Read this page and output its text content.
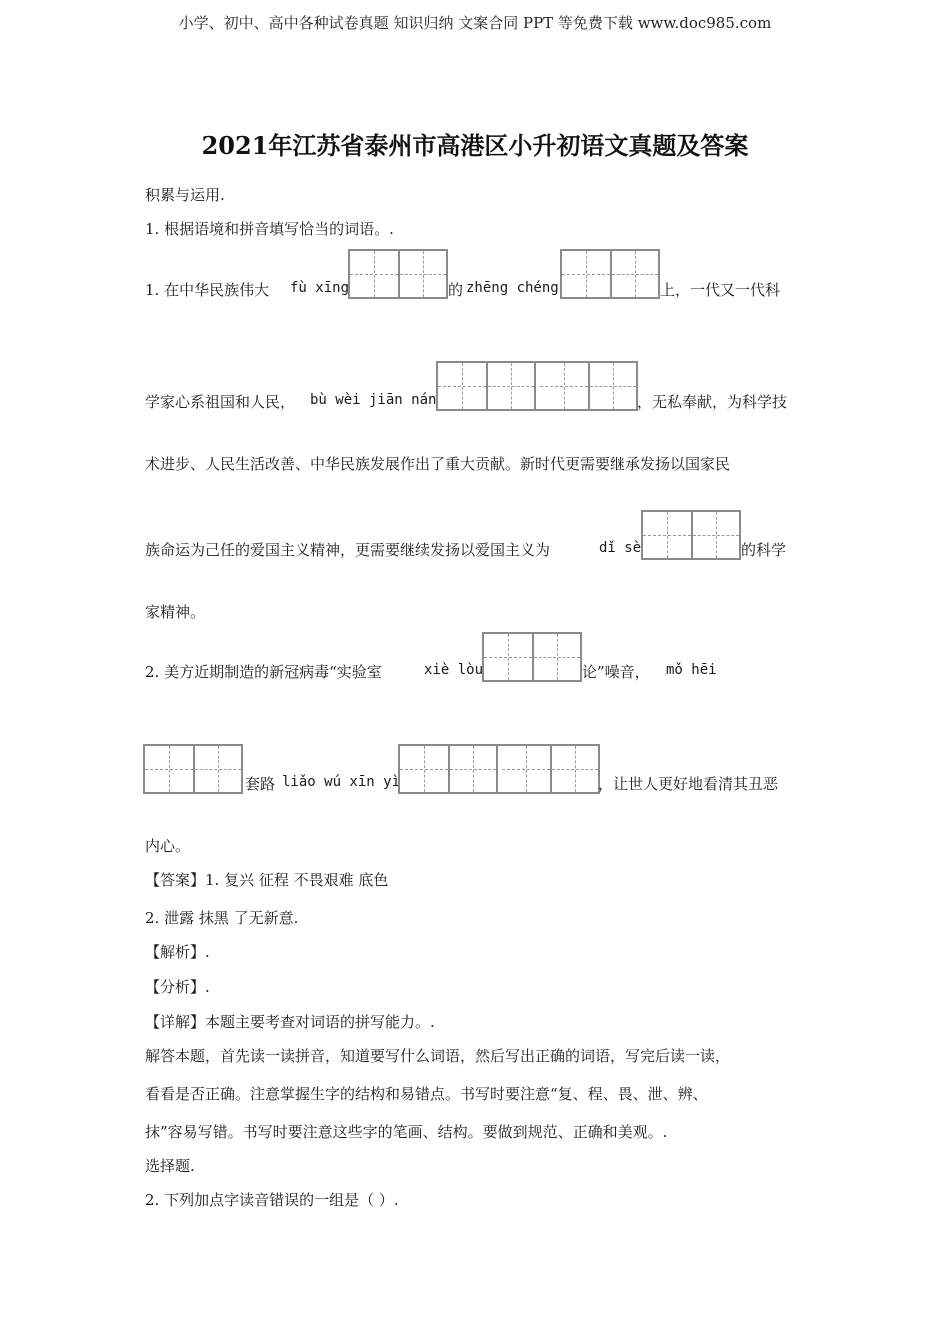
小学、初中、高中各种试卷真题 知识归纳 文案合同 PPT 等免费下载 www.doc985.com
2021年江苏省泰州市高港区小升初语文真题及答案
积累与运用.
1. 根据语境和拼音填写恰当的词语。.
1. 在中华民族伟大 fù xīng	的 zhēng chéng	上，一代又一代科
学家心系祖国和人民， bù wèi jiān nán	，无私奉献，为科学技
术进步、人民生活改善、中华民族发展作出了重大贡献。新时代更需要继承发扬以国家民
族命运为己任的爱国主义精神，更需要继续发扬以爱国主义为	dǐ sè	的科学
家精神。
2. 美方近期制造的新冠病毒“实验室	xiè lòu	论”噪音， mǒ hēi
套路 liǎo wú xīn yì	，让世人更好地看清其丑恶
内心。
【答案】1. 复兴 征程 不畏艰难 底色
2. 泄露 抹黑 了无新意.
【解析】.
【分析】.
【详解】本题主要考查对词语的拼写能力。.
解答本题，首先读一读拼音，知道要写什么词语，然后写出正确的词语，写完后读一读，
看看是否正确。注意掌握生字的结构和易错点。书写时要注意“复、程、畏、泄、辨、
抹”容易写错。书写时要注意这些字的笔画、结构。要做到规范、正确和美观。.
选择题.
2. 下列加点字读音错误的一组是（ ）.
